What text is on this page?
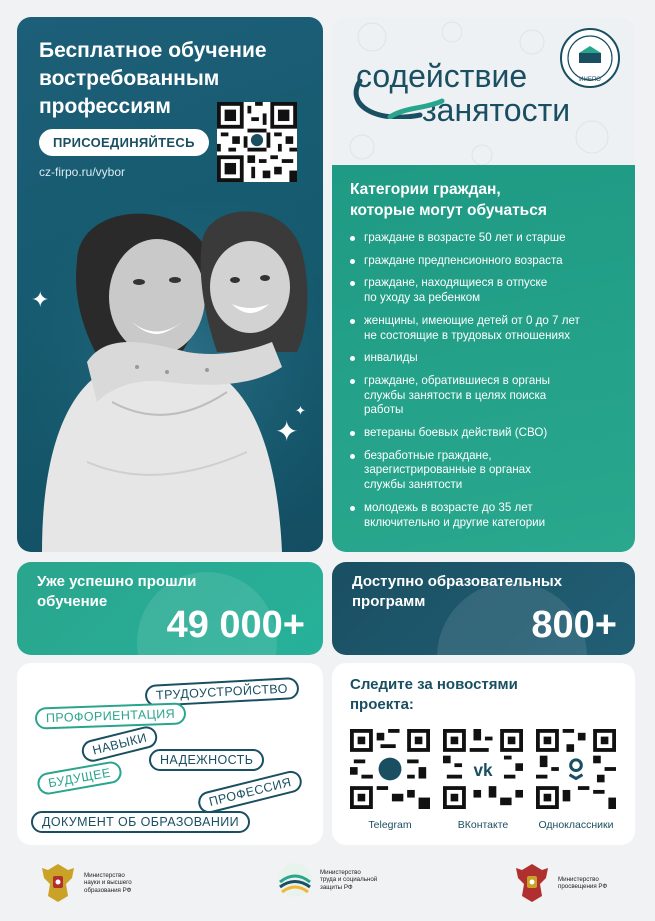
Бесплатное обучение
востребованным
профессиям
ПРИСОЕДИНЯЙТЕСЬ
cz-firpo.ru/vybor
✦
✦
✦
ИНЕПО
содействие
занятости
Категории граждан,
которые могут обучаться
граждане в возрасте 50 лет и старше
граждане предпенсионного возраста
граждане, находящиеся в отпуске
по уходу за ребенком
женщины, имеющие детей от 0 до 7 лет
не состоящие в трудовых отношениях
инвалиды
граждане, обратившиеся в органы
службы занятости в целях поиска
работы
ветераны боевых действий (СВО)
безработные граждане,
зарегистрированные в органах
службы занятости
молодежь в возрасте до 35 лет
включительно и другие категории
Уже успешно прошли
обучение
49 000+
Доступно образовательных
программ
800+
ТРУДОУСТРОЙСТВО
ПРОФОРИЕНТАЦИЯ
НАВЫКИ
НАДЕЖНОСТЬ
БУДУЩЕЕ	ПРОФЕССИЯ
ДОКУМЕНТ ОБ ОБРАЗОВАНИИ
Следите за новостями
проекта:
Telegram
vk
ВКонтакте	Одноклассники
Министерство
науки и высшего
образования РФ
Министерство
труда и социальной
защиты РФ
Министерство
просвещения РФ
